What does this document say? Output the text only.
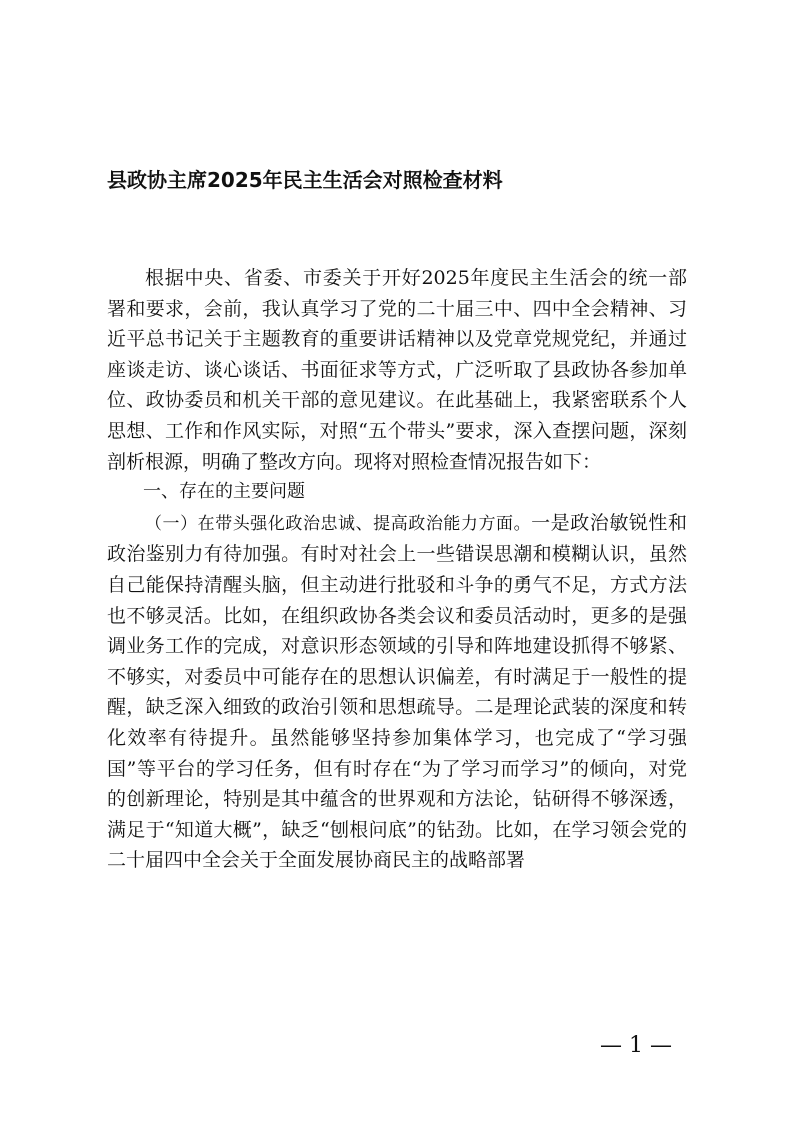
县政协主席2025年民主生活会对照检查材料

根据中央、省委、市委关于开好2025年度民主生活会的统一部署和要求，会前，我认真学习了党的二十届三中、四中全会精神、习近平总书记关于主题教育的重要讲话精神以及党章党规党纪，并通过座谈走访、谈心谈话、书面征求等方式，广泛听取了县政协各参加单位、政协委员和机关干部的意见建议。在此基础上，我紧密联系个人思想、工作和作风实际，对照“五个带头”要求，深入查摆问题，深刻剖析根源，明确了整改方向。现将对照检查情况报告如下：

一、存在的主要问题

（一）在带头强化政治忠诚、提高政治能力方面。一是政治敏锐性和政治鉴别力有待加强。有时对社会上一些错误思潮和模糊认识，虽然自己能保持清醒头脑，但主动进行批驳和斗争的勇气不足，方式方法也不够灵活。比如，在组织政协各类会议和委员活动时，更多的是强调业务工作的完成，对意识形态领域的引导和阵地建设抓得不够紧、不够实，对委员中可能存在的思想认识偏差，有时满足于一般性的提醒，缺乏深入细致的政治引领和思想疏导。二是理论武装的深度和转化效率有待提升。虽然能够坚持参加集体学习，也完成了“学习强国”等平台的学习任务，但有时存在“为了学习而学习”的倾向，对党的创新理论，特别是其中蕴含的世界观和方法论，钻研得不够深透，满足于“知道大概”，缺乏“刨根问底”的钻劲。比如，在学习领会党的二十届四中全会关于全面发展协商民主的战略部署

— 1 —
